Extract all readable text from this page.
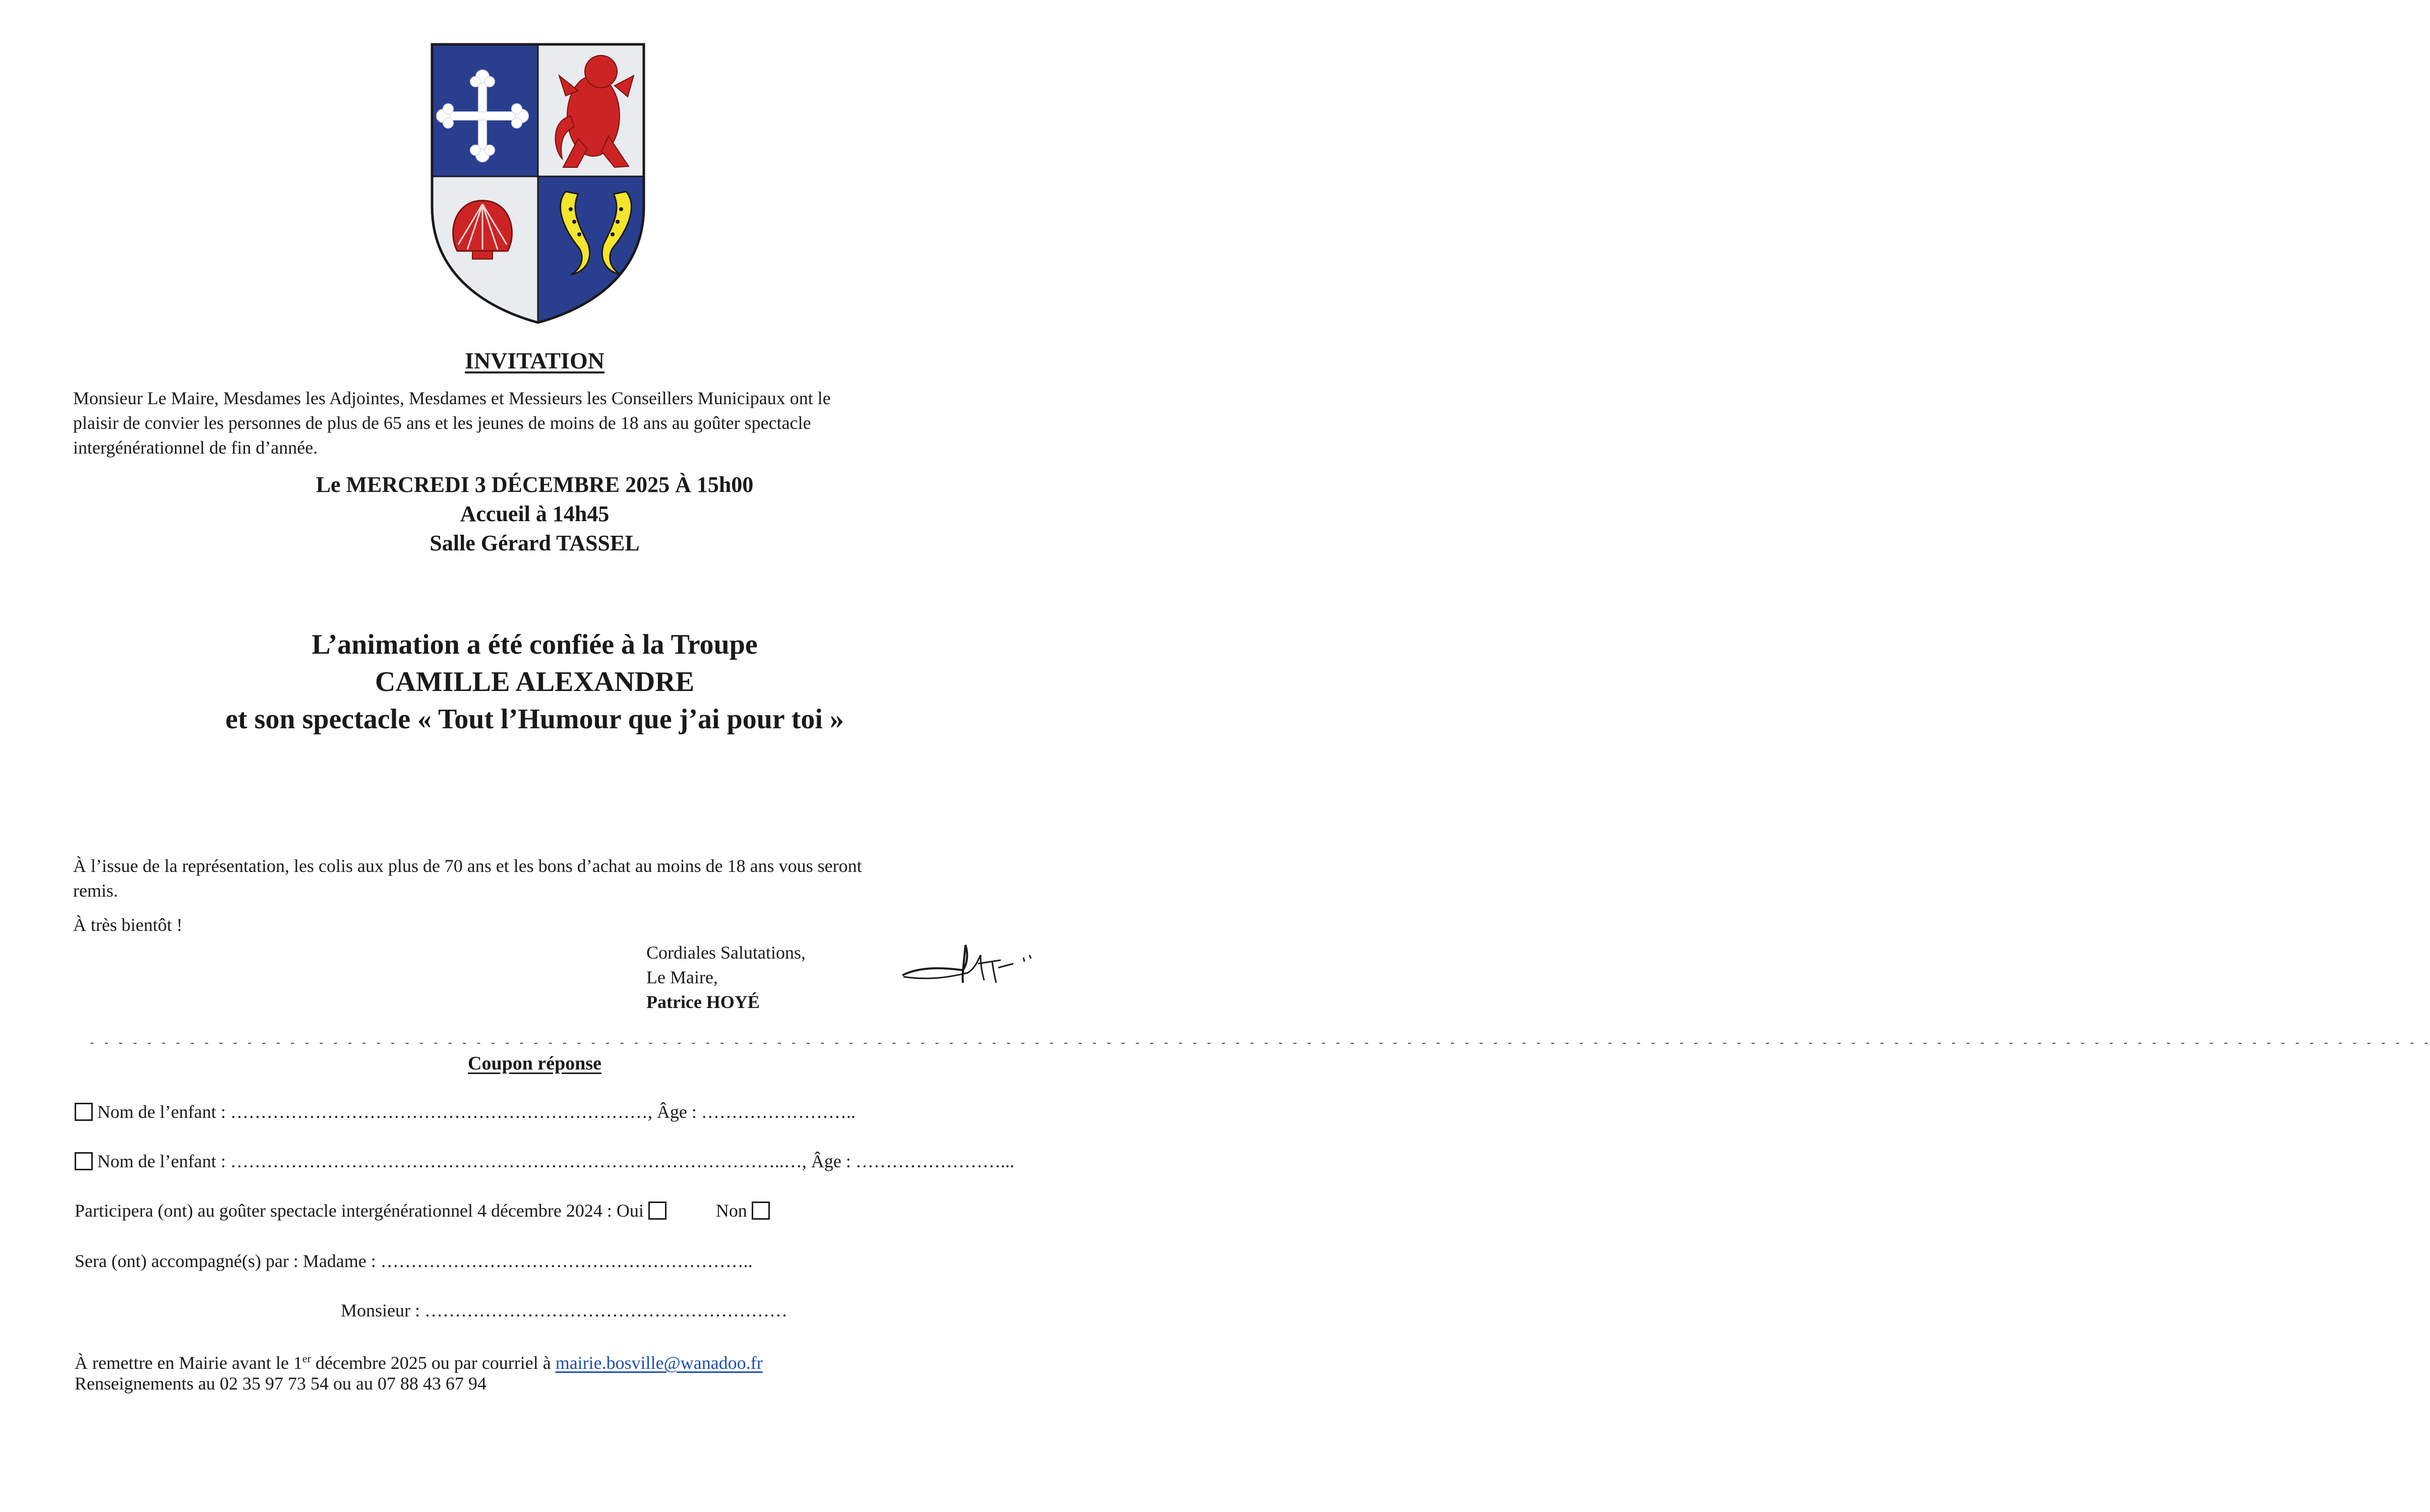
INVITATION
Monsieur Le Maire, Mesdames les Adjointes, Mesdames et Messieurs les Conseillers Municipaux ont le
plaisir de convier les personnes de plus de 65 ans et les jeunes de moins de 18 ans au goûter spectacle
intergénérationnel de fin d’année.
Le MERCREDI 3 DÉCEMBRE 2025 À 15h00
Accueil à 14h45
Salle Gérard TASSEL
L’animation a été confiée à la Troupe
CAMILLE ALEXANDRE
et son spectacle « Tout l’Humour que j’ai pour toi »
À l’issue de la représentation, les colis aux plus de 70 ans et les bons d’achat au moins de 18 ans vous seront
remis.
À très bientôt !
Cordiales Salutations,
Le Maire,
Patrice HOYÉ
- - - - - - - - - - - - - - - - - - - - - - - - - - - - - - - - - - - - - - - - - - - - - - - - - - - - - - - - - - - - - - - - - - - - - - - - - - - - - - - - - - - - - - - - - - - - - - - - - - - - - - - - - - - - - - - - - - - - - - - - - - - - - - - - - - - - - - - - - - - - - - - - - - - - - - - - - - - - - - - - - - - -
Coupon réponse
Nom de l’enfant : ……………………………………………………………, Âge : ……………………..
Nom de l’enfant : ………………………………………………………………………………..…, Âge : ……………………...
Participera (ont) au goûter spectacle intergénérationnel 4 décembre 2024 : Oui	Non
Sera (ont) accompagné(s) par : Madame : ……………………………………………………..
Monsieur : ……………………………………………………
À remettre en Mairie avant le 1er décembre 2025 ou par courriel à mairie.bosville@wanadoo.fr
Renseignements au 02 35 97 73 54 ou au 07 88 43 67 94
